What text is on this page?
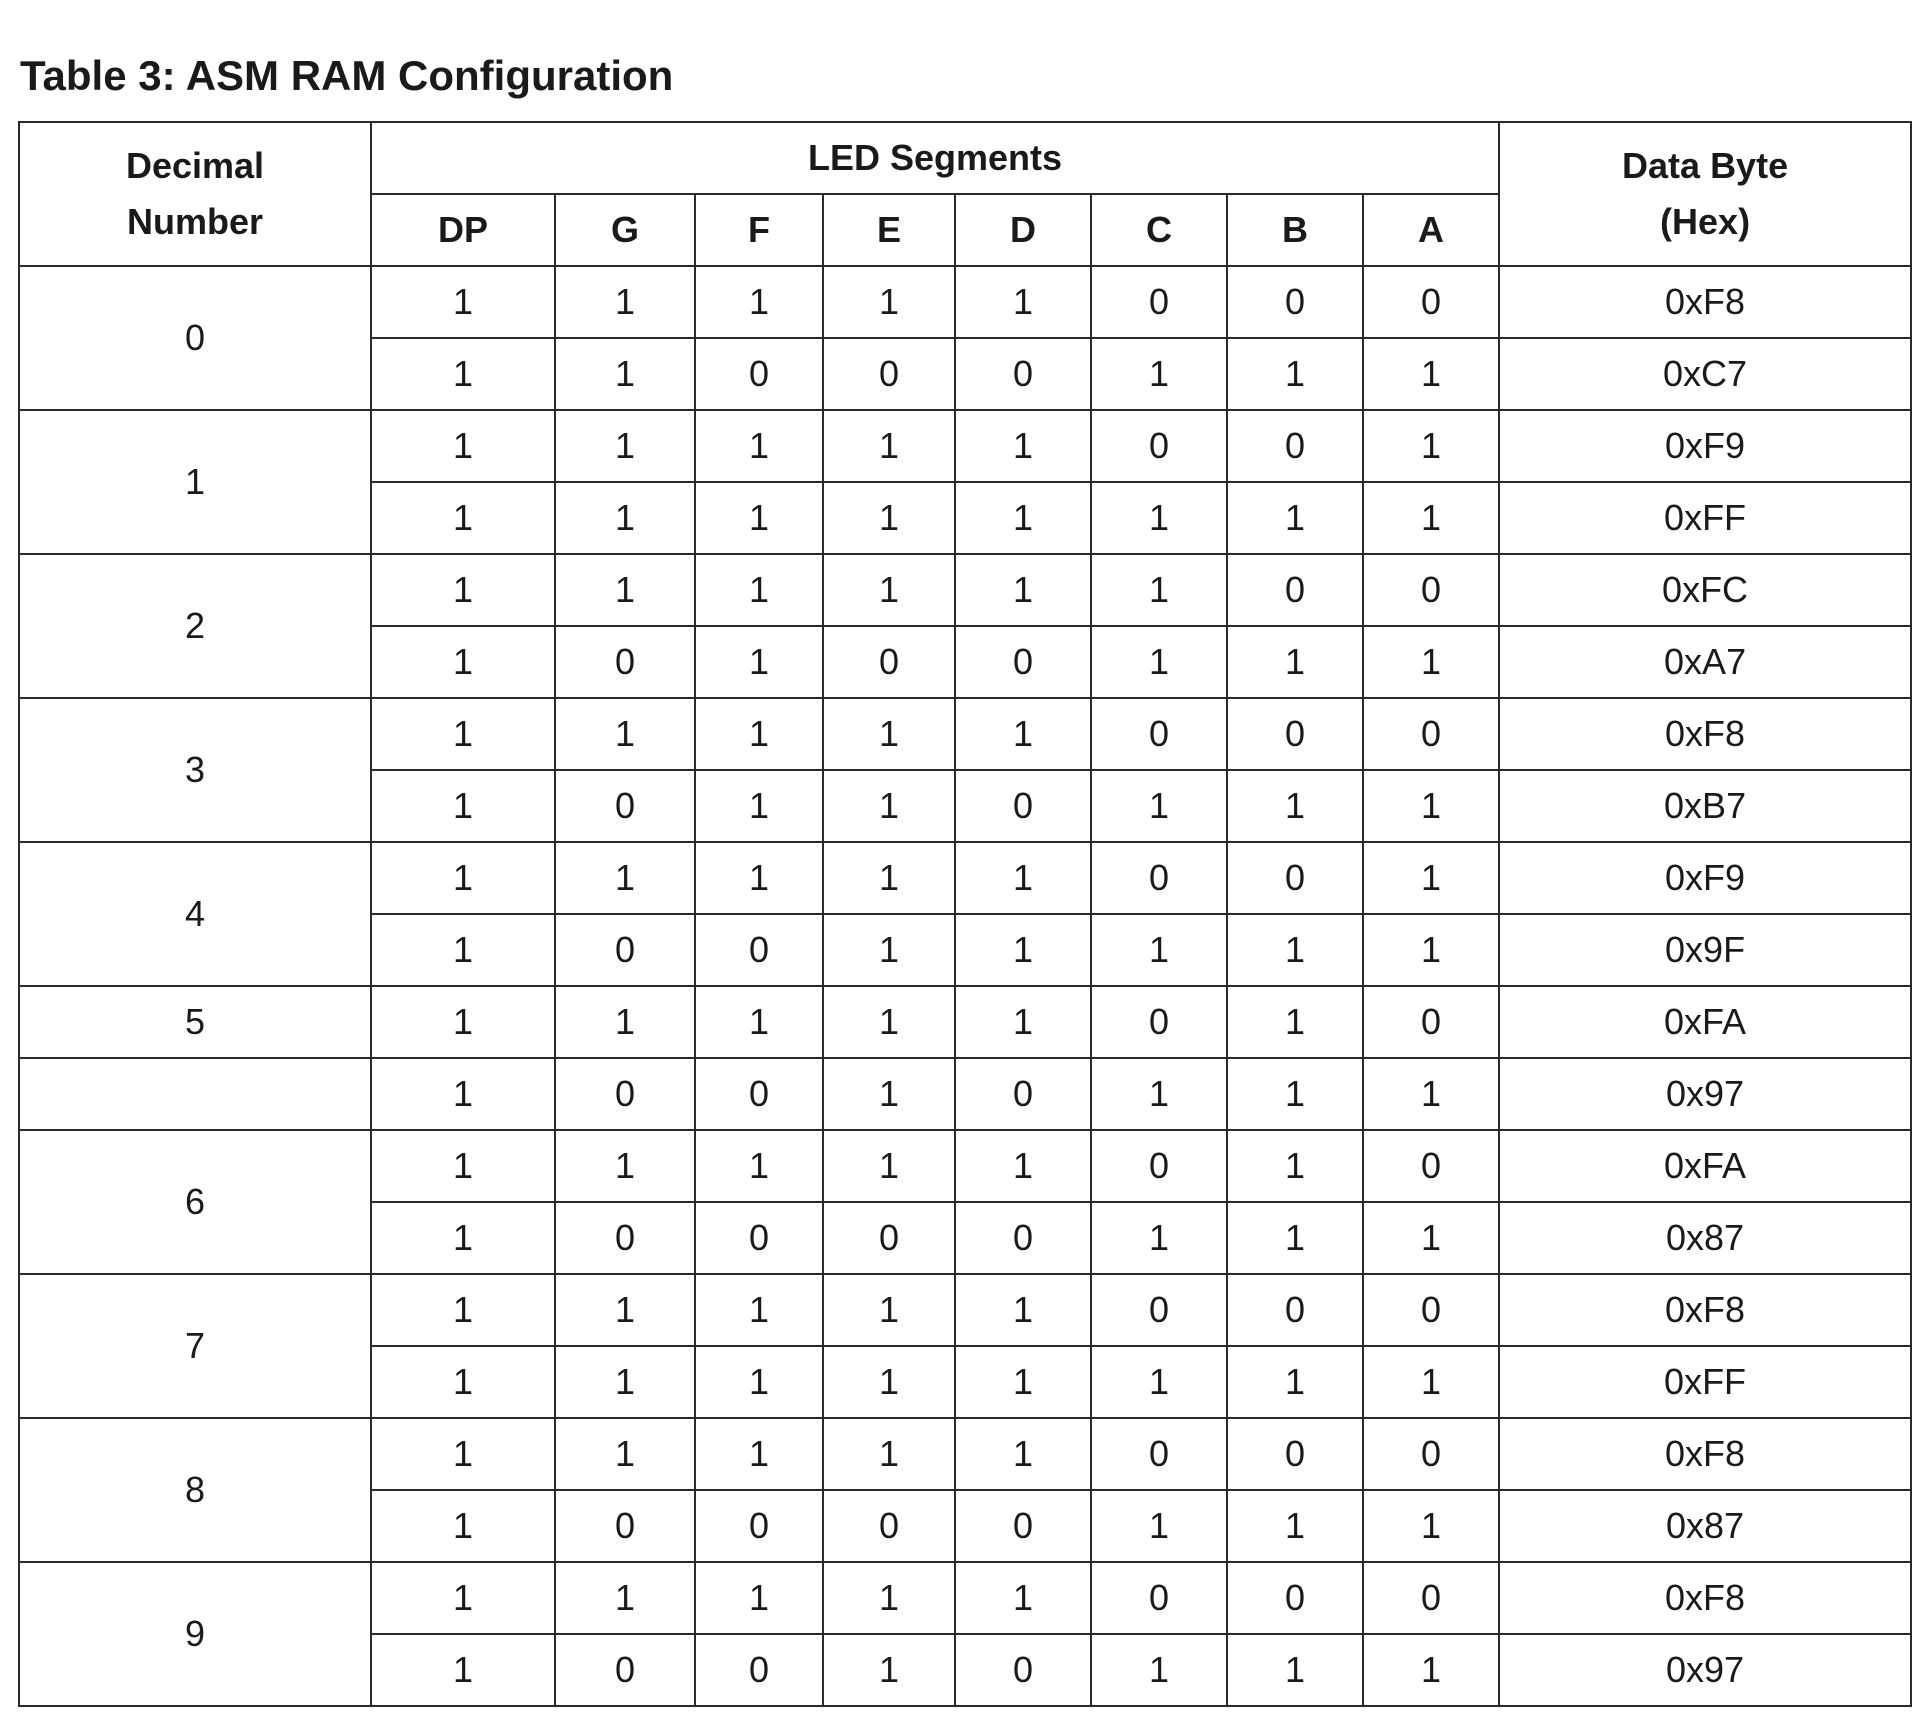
Table 3: ASM RAM Configuration
Decimal
Number	LED Segments								Data Byte
(Hex)
	DP	G	F	E	D	C	B	A	
0	1	1	1	1	1	0	0	0	0xF8
	1	1	0	0	0	1	1	1	0xC7
1	1	1	1	1	1	0	0	1	0xF9
	1	1	1	1	1	1	1	1	0xFF
2	1	1	1	1	1	1	0	0	0xFC
	1	0	1	0	0	1	1	1	0xA7
3	1	1	1	1	1	0	0	0	0xF8
	1	0	1	1	0	1	1	1	0xB7
4	1	1	1	1	1	0	0	1	0xF9
	1	0	0	1	1	1	1	1	0x9F
5	1	1	1	1	1	0	1	0	0xFA
	1	0	0	1	0	1	1	1	0x97
6	1	1	1	1	1	0	1	0	0xFA
	1	0	0	0	0	1	1	1	0x87
7	1	1	1	1	1	0	0	0	0xF8
	1	1	1	1	1	1	1	1	0xFF
8	1	1	1	1	1	0	0	0	0xF8
	1	0	0	0	0	1	1	1	0x87
9	1	1	1	1	1	0	0	0	0xF8
	1	0	0	1	0	1	1	1	0x97
